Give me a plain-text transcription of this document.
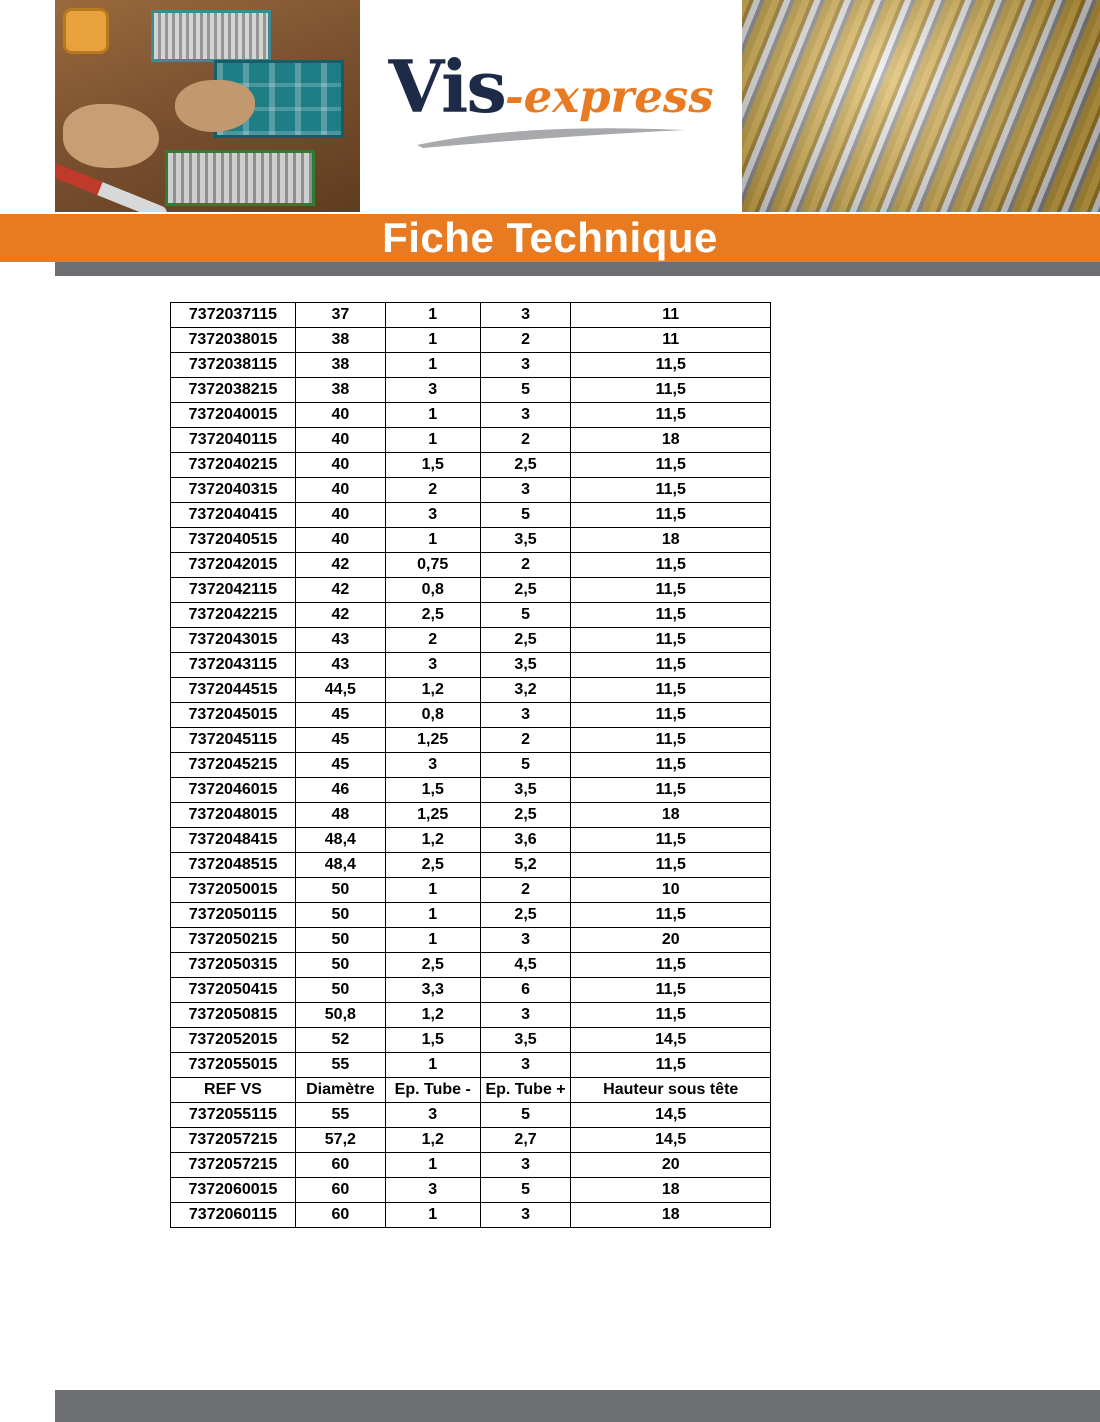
Vis-express
Fiche Technique
7372037115	37	1	3	11
7372038015	38	1	2	11
7372038115	38	1	3	11,5
7372038215	38	3	5	11,5
7372040015	40	1	3	11,5
7372040115	40	1	2	18
7372040215	40	1,5	2,5	11,5
7372040315	40	2	3	11,5
7372040415	40	3	5	11,5
7372040515	40	1	3,5	18
7372042015	42	0,75	2	11,5
7372042115	42	0,8	2,5	11,5
7372042215	42	2,5	5	11,5
7372043015	43	2	2,5	11,5
7372043115	43	3	3,5	11,5
7372044515	44,5	1,2	3,2	11,5
7372045015	45	0,8	3	11,5
7372045115	45	1,25	2	11,5
7372045215	45	3	5	11,5
7372046015	46	1,5	3,5	11,5
7372048015	48	1,25	2,5	18
7372048415	48,4	1,2	3,6	11,5
7372048515	48,4	2,5	5,2	11,5
7372050015	50	1	2	10
7372050115	50	1	2,5	11,5
7372050215	50	1	3	20
7372050315	50	2,5	4,5	11,5
7372050415	50	3,3	6	11,5
7372050815	50,8	1,2	3	11,5
7372052015	52	1,5	3,5	14,5
7372055015	55	1	3	11,5
REF VS	Diamètre	Ep. Tube -	Ep. Tube +	Hauteur sous tête
7372055115	55	3	5	14,5
7372057215	57,2	1,2	2,7	14,5
7372057215	60	1	3	20
7372060015	60	3	5	18
7372060115	60	1	3	18
